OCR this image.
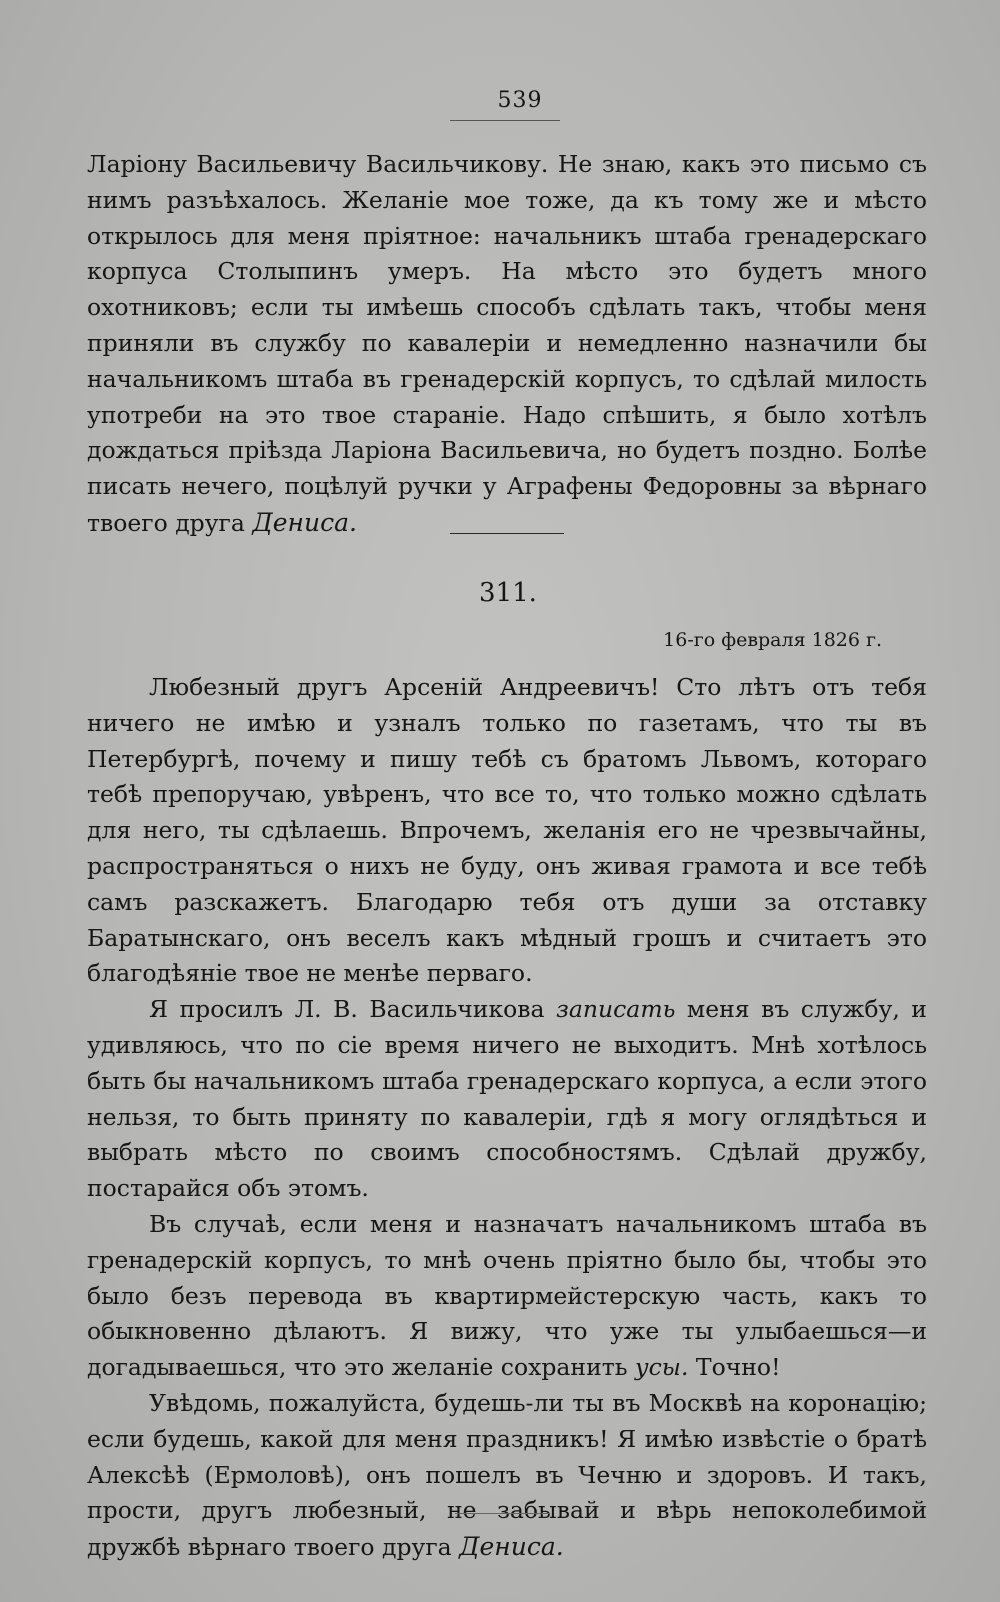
539

Ларіону Васильевичу Васильчикову. Не знаю, какъ это письмо съ нимъ разъѣхалось. Желаніе мое тоже, да къ тому же и мѣсто открылось для меня пріятное: начальникъ штаба гренадерскаго корпуса Столыпинъ умеръ. На мѣсто это будетъ много охотниковъ; если ты имѣешь способъ сдѣлать такъ, чтобы меня приняли въ службу по кавалеріи и немедленно назначили бы начальникомъ штаба въ гренадерскій корпусъ, то сдѣлай милость употреби на это твое стараніе. Надо спѣшить, я было хотѣлъ дождаться пріѣзда Ларіона Васильевича, но будетъ поздно. Болѣе писать нечего, поцѣлуй ручки у Аграфены Федоровны за вѣрнаго твоего друга Дениса.

311.
16-го февраля 1826 г.

Любезный другъ Арсеній Андреевичъ! Сто лѣтъ отъ тебя ничего не имѣю и узналъ только по газетамъ, что ты въ Петербургѣ, почему и пишу тебѣ съ братомъ Львомъ, котораго тебѣ препоручаю, увѣренъ, что все то, что только можно сдѣлать для него, ты сдѣлаешь. Впрочемъ, желанія его не чрезвычайны, распространяться о нихъ не буду, онъ живая грамота и все тебѣ самъ разскажетъ. Благодарю тебя отъ души за отставку Баратынскаго, онъ веселъ какъ мѣдный грошъ и считаетъ это благодѣяніе твое не менѣе перваго.

Я просилъ Л. В. Васильчикова записать меня въ службу, и удивляюсь, что по сіе время ничего не выходитъ. Мнѣ хотѣлось быть бы начальникомъ штаба гренадерскаго корпуса, а если этого нельзя, то быть приняту по кавалеріи, гдѣ я могу оглядѣться и выбрать мѣсто по своимъ способностямъ. Сдѣлай дружбу, постарайся объ этомъ.

Въ случаѣ, если меня и назначатъ начальникомъ штаба въ гренадерскій корпусъ, то мнѣ очень пріятно было бы, чтобы это было безъ перевода въ квартирмейстерскую часть, какъ то обыкновенно дѣлаютъ. Я вижу, что уже ты улыбаешься—и догадываешься, что это желаніе сохранить усы. Точно!

Увѣдомь, пожалуйста, будешь-ли ты въ Москвѣ на коронацію; если будешь, какой для меня праздникъ! Я имѣю извѣстіе о братѣ Алексѣѣ (Ермоловѣ), онъ пошелъ въ Чечню и здоровъ. И такъ, прости, другъ любезный, не забывай и вѣрь непоколебимой дружбѣ вѣрнаго твоего друга Дениса.
